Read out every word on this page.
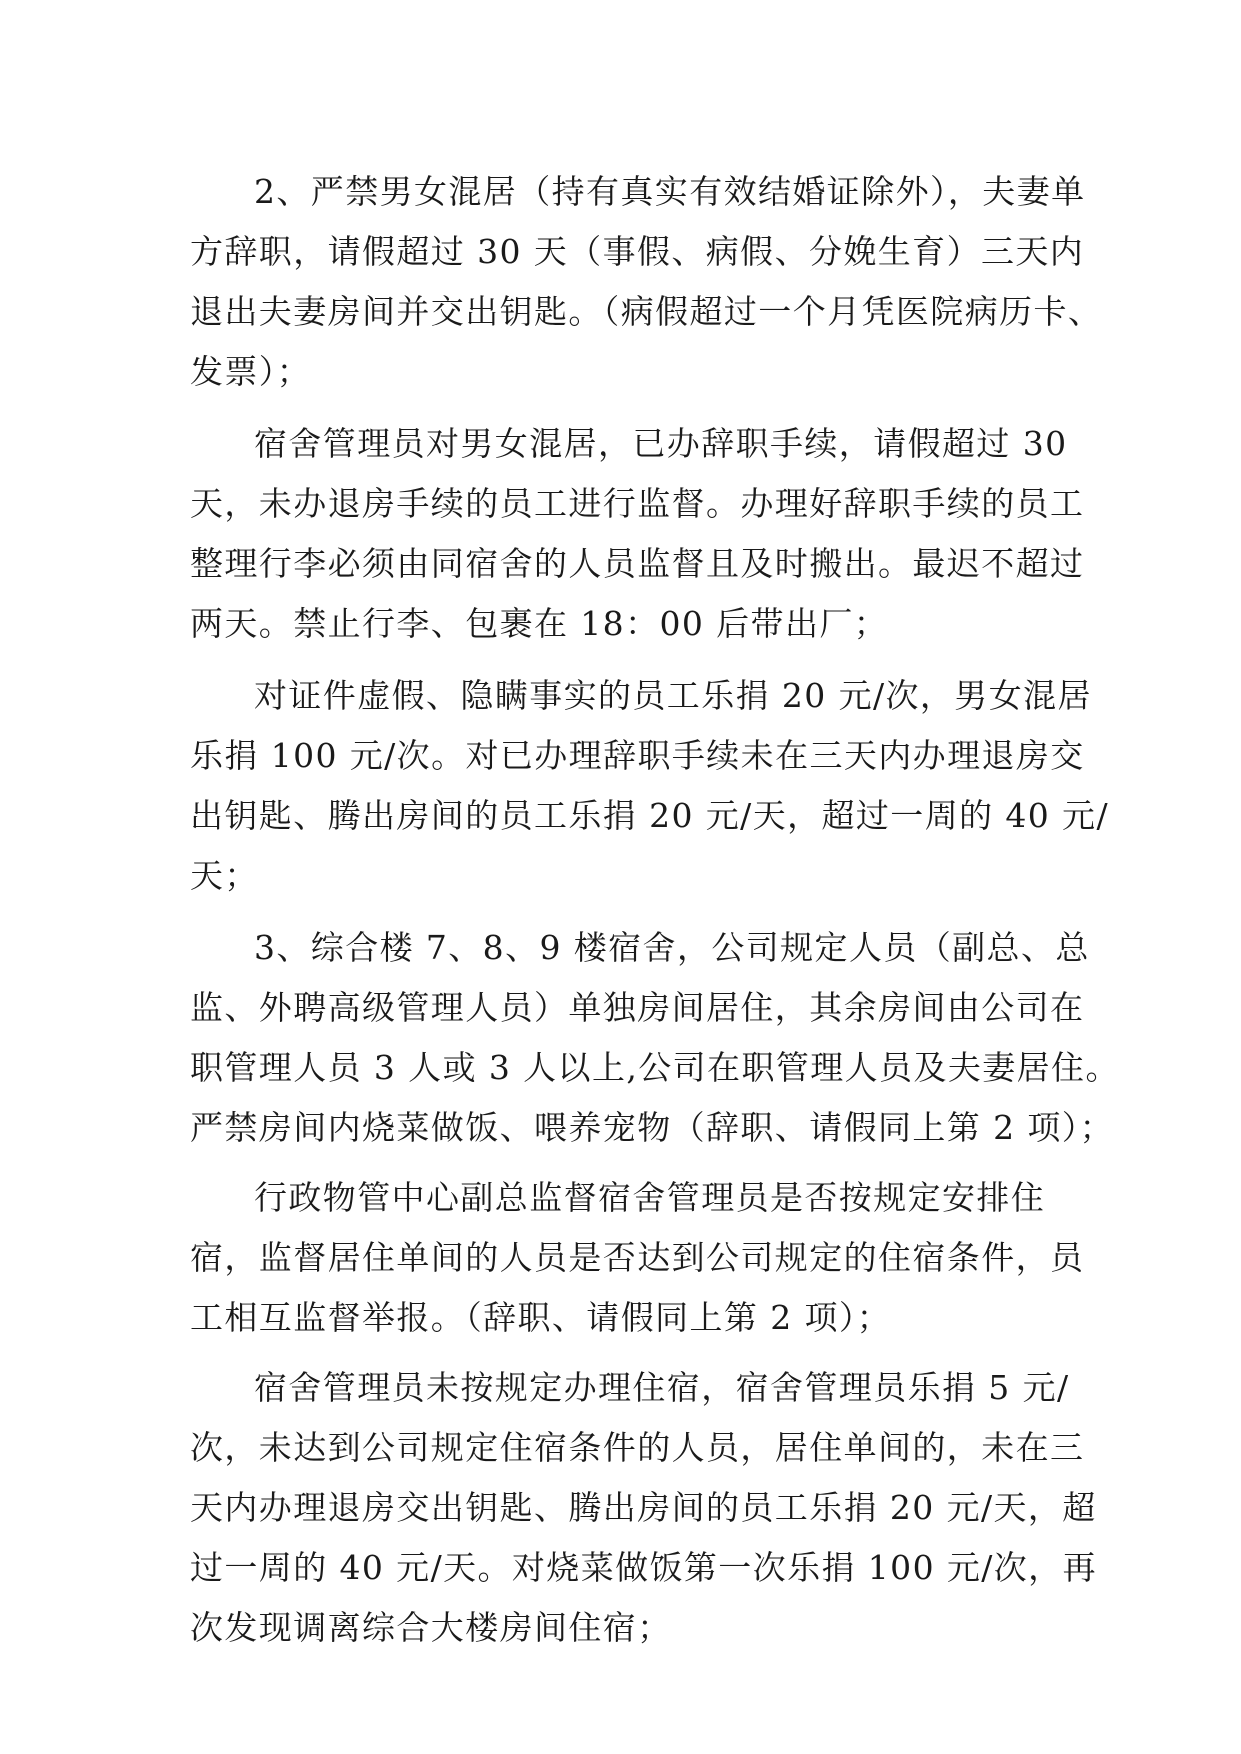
2、严禁男女混居（持有真实有效结婚证除外），夫妻单
方辞职，请假超过 30 天（事假、病假、分娩生育）三天内
退出夫妻房间并交出钥匙。（病假超过一个月凭医院病历卡、
发票）；
宿舍管理员对男女混居，已办辞职手续，请假超过 30
天，未办退房手续的员工进行监督。办理好辞职手续的员工
整理行李必须由同宿舍的人员监督且及时搬出。最迟不超过
两天。禁止行李、包裹在 18：00 后带出厂；
对证件虚假、隐瞒事实的员工乐捐 20 元/次，男女混居
乐捐 100 元/次。对已办理辞职手续未在三天内办理退房交
出钥匙、腾出房间的员工乐捐 20 元/天，超过一周的 40 元/
天；
3、综合楼 7、8、9 楼宿舍，公司规定人员（副总、总
监、外聘高级管理人员）单独房间居住，其余房间由公司在
职管理人员 3 人或 3 人以上,公司在职管理人员及夫妻居住。
严禁房间内烧菜做饭、喂养宠物（辞职、请假同上第 2 项）；
行政物管中心副总监督宿舍管理员是否按规定安排住
宿，监督居住单间的人员是否达到公司规定的住宿条件，员
工相互监督举报。（辞职、请假同上第 2 项）；
宿舍管理员未按规定办理住宿，宿舍管理员乐捐 5 元/
次，未达到公司规定住宿条件的人员，居住单间的，未在三
天内办理退房交出钥匙、腾出房间的员工乐捐 20 元/天，超
过一周的 40 元/天。对烧菜做饭第一次乐捐 100 元/次，再
次发现调离综合大楼房间住宿；
